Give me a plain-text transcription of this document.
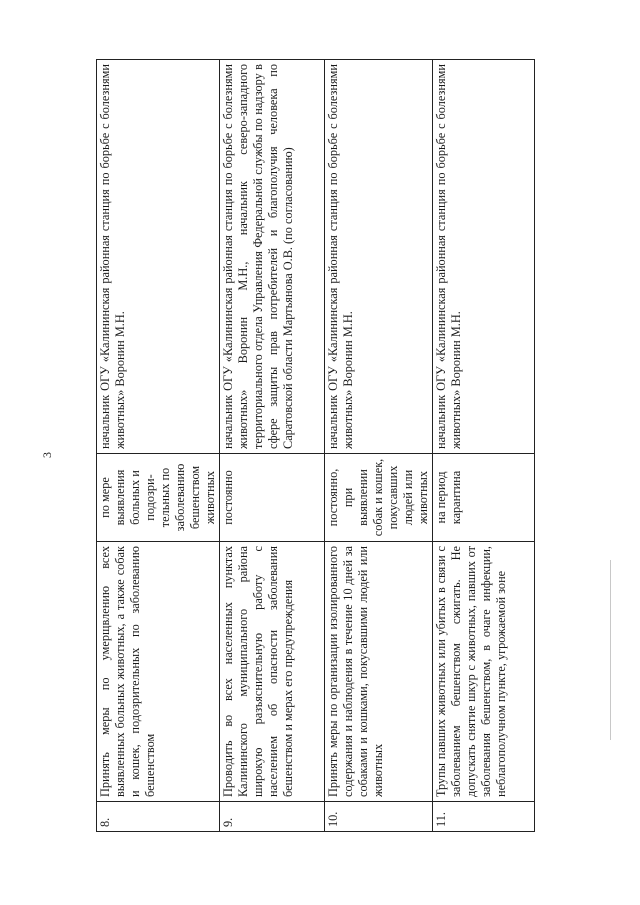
3
8.	Принять меры по умерщвлению всех выявленных больных животных, а также собак и кошек, подозрительных по заболеванию бешенством	по мере выявления больных и подозри-тельных по заболеванию бешенством животных	начальник ОГУ «Калининская районная станция по борьбе с болезнями животных» Воронин М.Н.
9.	Проводить во всех населенных пунктах Калининского муниципального района широкую разъяснительную работу с населением об опасности заболевания бешенством и мерах его предупреждения	постоянно	начальник ОГУ «Калининская районная станция по борьбе с болезнями животных» Воронин М.Н., начальник северо-западного территориального отдела Управления Федеральной службы по надзору в сфере защиты прав потребителей и благополучия человека по Саратовской области Мартьянова О.В. (по согласованию)
10.	Принять меры по организации изолированного содержания и наблюдения в течение 10 дней за собаками и кошками, покусавшими людей или животных	постоянно, при выявлении собак и кошек, покусавших людей или животных	начальник ОГУ «Калининская районная станция по борьбе с болезнями животных» Воронин М.Н.
11.	Трупы павших животных или убитых в связи с заболеванием бешенством сжигать. Не допускать снятие шкур с животных, павших от заболевания бешенством, в очаге инфекции, неблагополучном пункте, угрожаемой зоне	на период карантина	начальник ОГУ «Калининская районная станция по борьбе с болезнями животных» Воронин М.Н.
